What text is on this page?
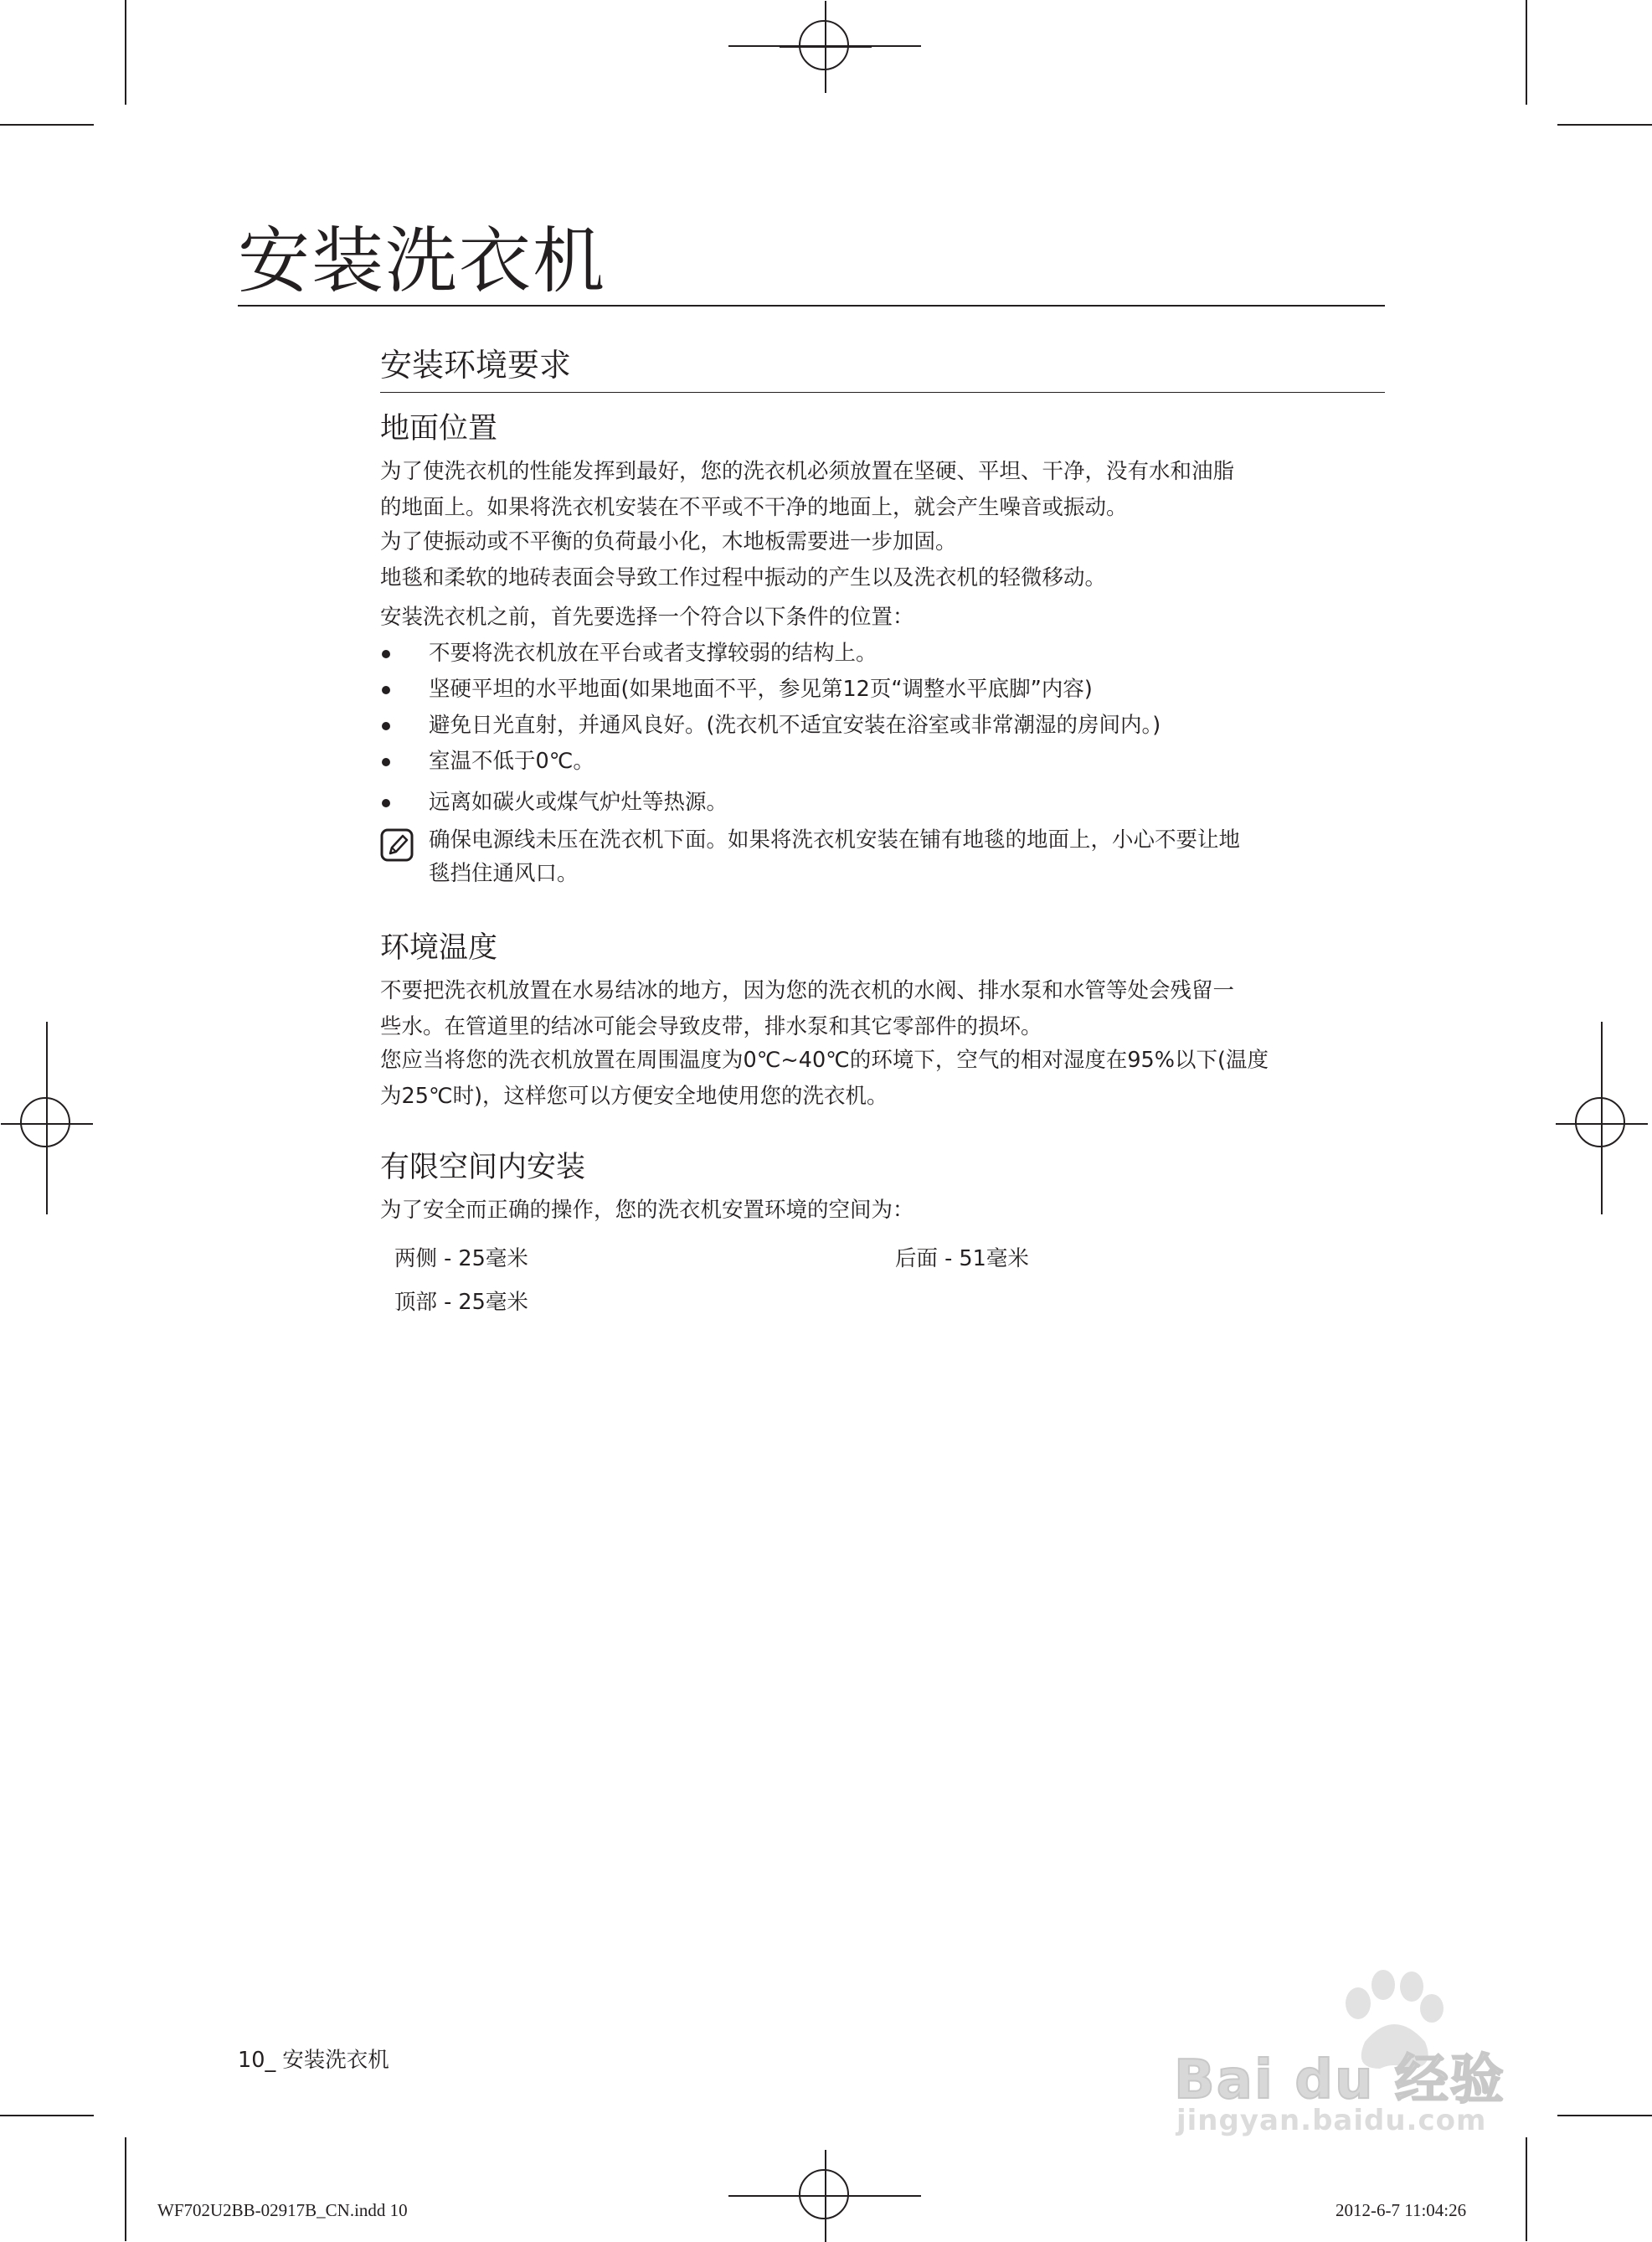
安装洗衣机
安装环境要求
地面位置

为了使洗衣机的性能发挥到最好，您的洗衣机必须放置在坚硬、平坦、干净，没有水和油脂
的地面上。如果将洗衣机安装在不平或不干净的地面上，就会产生噪音或振动。

为了使振动或不平衡的负荷最小化，木地板需要进一步加固。

地毯和柔软的地砖表面会导致工作过程中振动的产生以及洗衣机的轻微移动。

安装洗衣机之前，首先要选择一个符合以下条件的位置：

不要将洗衣机放在平台或者支撑较弱的结构上。
坚硬平坦的水平地面(如果地面不平，参见第12页“调整水平底脚”内容)
避免日光直射，并通风良好。(洗衣机不适宜安装在浴室或非常潮湿的房间内。)
室温不低于0℃。
远离如碳火或煤气炉灶等热源。
确保电源线未压在洗衣机下面。如果将洗衣机安装在铺有地毯的地面上，小心不要让地
毯挡住通风口。
环境温度

不要把洗衣机放置在水易结冰的地方，因为您的洗衣机的水阀、排水泵和水管等处会残留一
些水。在管道里的结冰可能会导致皮带，排水泵和其它零部件的损坏。

您应当将您的洗衣机放置在周围温度为0℃~40℃的环境下，空气的相对湿度在95%以下(温度
为25℃时)，这样您可以方便安全地使用您的洗衣机。

有限空间内安装

为了安全而正确的操作，您的洗衣机安置环境的空间为：

两侧 - 25毫米	后面 - 51毫米
顶部 - 25毫米
10_ 安装洗衣机
WF702U2BB-02917B_CN.indd 10	2012-6-7 11:04:26
Bai du 经验
jingyan.baidu.com
